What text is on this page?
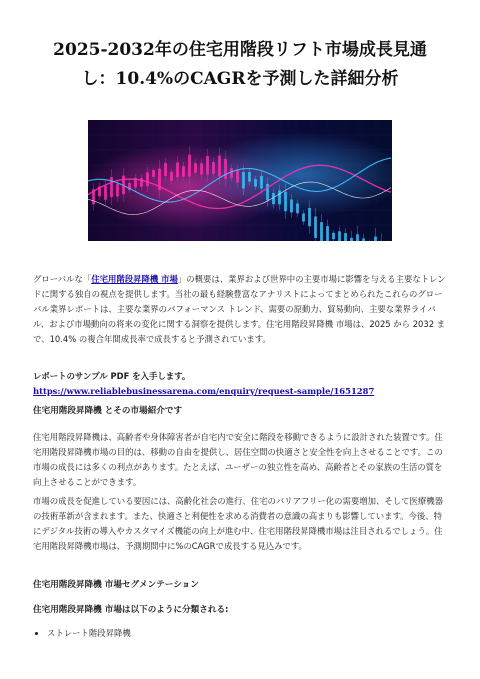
2025-2032年の住宅用階段リフト市場成長見通
し：10.4%のCAGRを予測した詳細分析
グローバルな「住宅用階段昇降機 市場」の概要は、業界および世界中の主要市場に影響を与える主要なトレンドに関する独自の視点を提供します。当社の最も経験豊富なアナリストによってまとめられたこれらのグローバル業界レポートは、主要な業界のパフォーマンス トレンド、需要の原動力、貿易動向、主要な業界ライバル、および市場動向の将来の変化に関する洞察を提供します。住宅用階段昇降機 市場は、2025 から 2032 まで、10.4% の複合年間成長率で成長すると予測されています。
レポートのサンプル PDF を入手します。 https://www.reliablebusinessarena.com/enquiry/request-sample/1651287
住宅用階段昇降機 とその市場紹介です
住宅用階段昇降機は、高齢者や身体障害者が自宅内で安全に階段を移動できるように設計された装置です。住宅用階段昇降機市場の目的は、移動の自由を提供し、居住空間の快適さと安全性を向上させることです。この市場の成長には多くの利点があります。たとえば、ユーザーの独立性を高め、高齢者とその家族の生活の質を向上させることができます。
市場の成長を促進している要因には、高齢化社会の進行、住宅のバリアフリー化の需要増加、そして医療機器の技術革新が含まれます。また、快適さと利便性を求める消費者の意識の高まりも影響しています。今後、特にデジタル技術の導入やカスタマイズ機能の向上が進む中、住宅用階段昇降機市場は注目されるでしょう。住宅用階段昇降機市場は、予測期間中に%のCAGRで成長する見込みです。
住宅用階段昇降機 市場セグメンテーション
住宅用階段昇降機 市場は以下のように分類される:
• ストレート階段昇降機
